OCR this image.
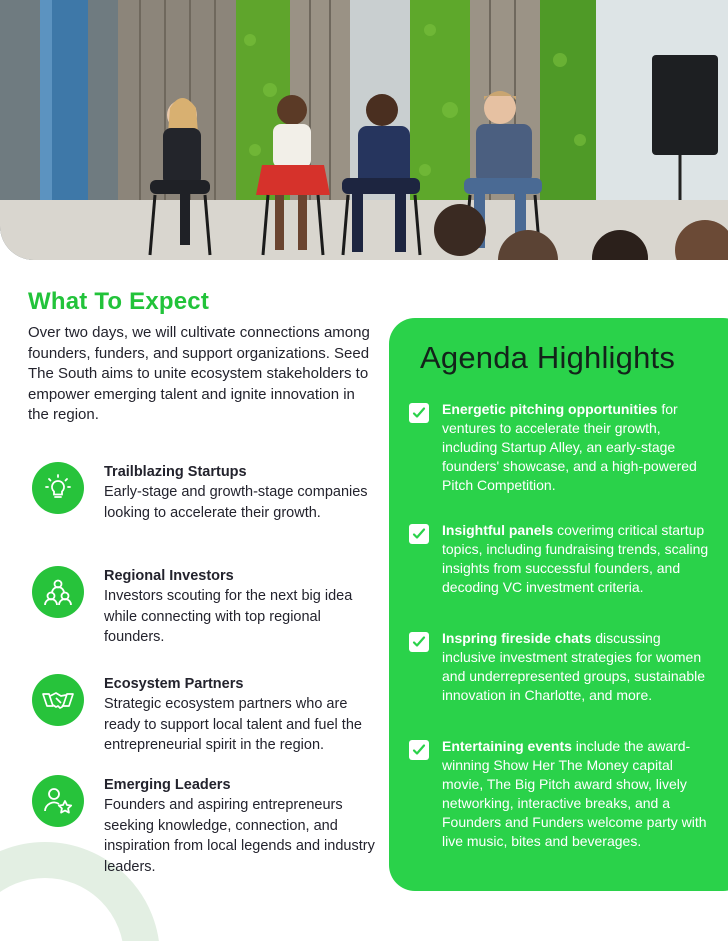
What To Expect

Over two days, we will cultivate connections among founders, funders, and support organizations. Seed The South aims to unite ecosystem stakeholders to empower emerging talent and ignite innovation in the region.

Trailblazing Startups
Early-stage and growth-stage companies looking to accelerate their growth.
Regional Investors
Investors scouting for the next big idea while connecting with top regional founders.
Ecosystem Partners
Strategic ecosystem partners who are ready to support local talent and fuel the entrepreneurial spirit in the region.
Emerging Leaders
Founders and aspiring entrepreneurs seeking knowledge, connection, and inspiration from local legends and industry leaders.
Agenda Highlights
Energetic pitching opportunities for ventures to accelerate their growth, including Startup Alley, an early-stage founders' showcase, and a high-powered Pitch Competition.
Insightful panels coverimg critical startup topics, including fundraising trends, scaling insights from successful founders, and decoding VC investment criteria.
Inspring fireside chats discussing inclusive investment strategies for women and underrepresented groups, sustainable innovation in Charlotte, and more.
Entertaining events include the award-winning Show Her The Money capital movie, The Big Pitch award show, lively networking, interactive breaks, and a Founders and Funders welcome party with live music, bites and beverages.
